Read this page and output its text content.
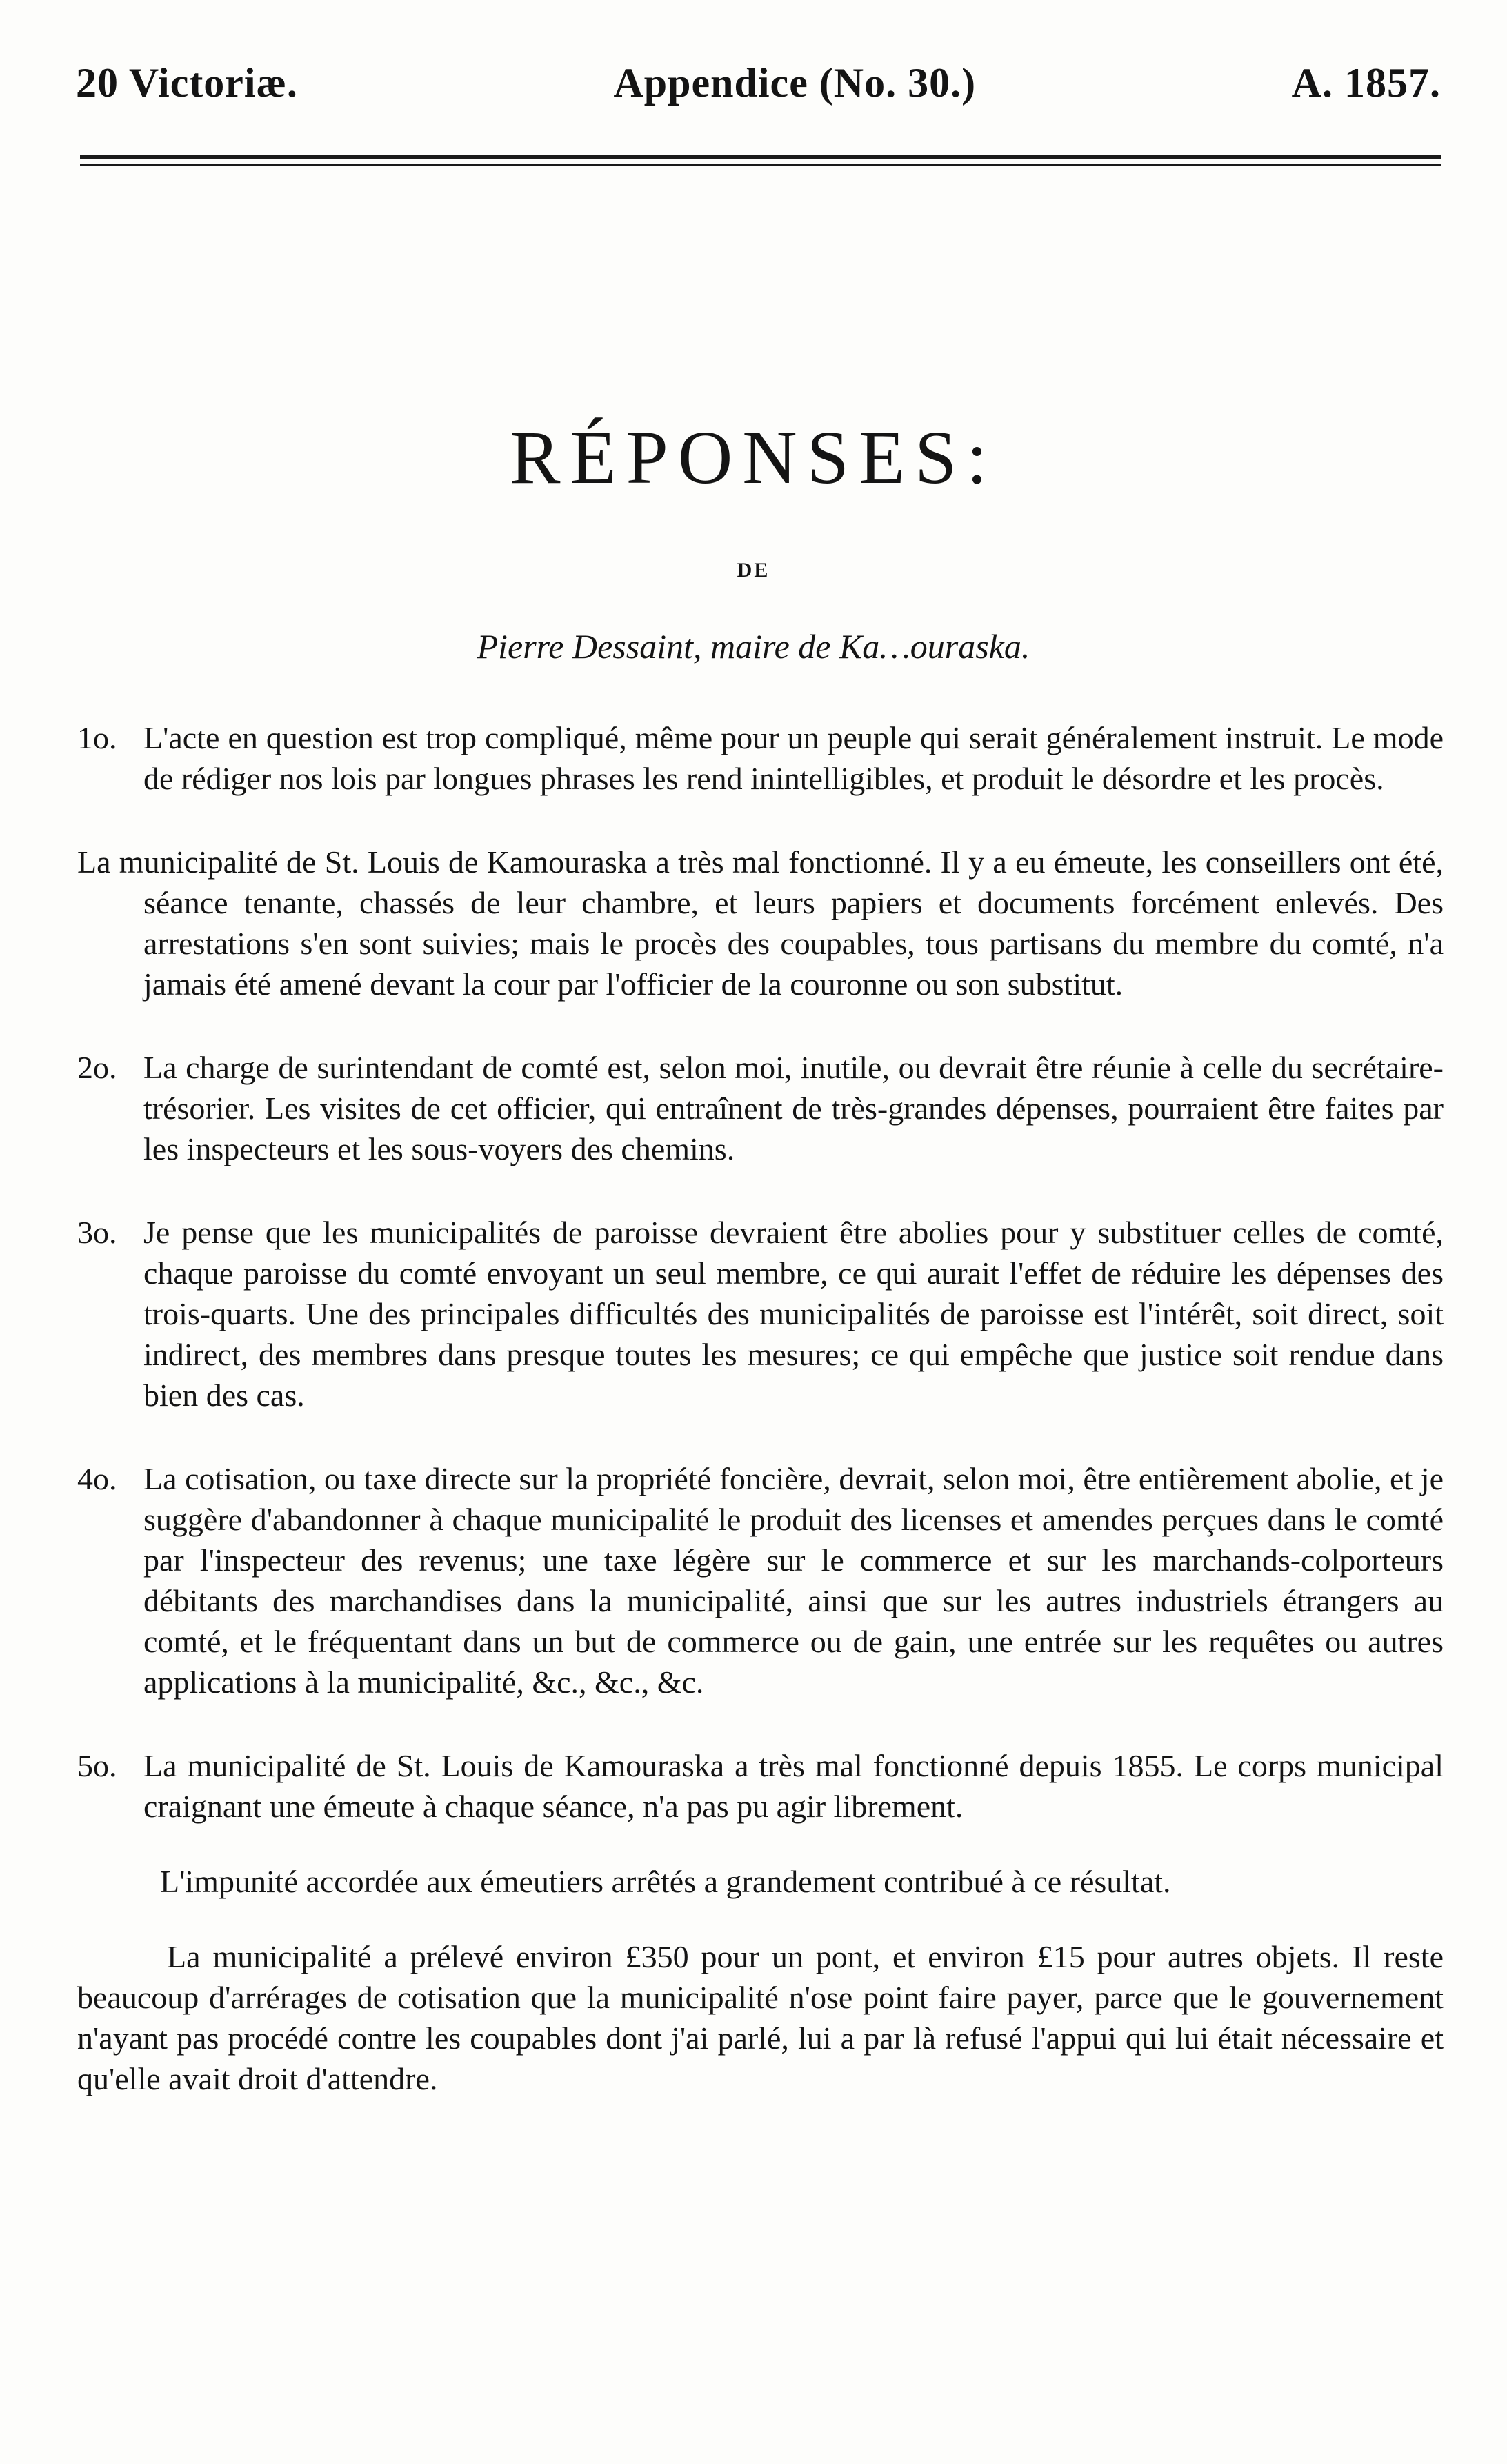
20 Victoriæ.	Appendice (No. 30.)	A. 1857.
RÉPONSES:
DE
Pierre Dessaint, maire de Ka…ouraska.
1o. L'acte en question est trop compliqué, même pour un peuple qui serait généralement instruit. Le mode de rédiger nos lois par longues phrases les rend inintelligibles, et produit le désordre et les procès.
La municipalité de St. Louis de Kamouraska a très mal fonctionné. Il y a eu émeute, les conseillers ont été, séance tenante, chassés de leur chambre, et leurs papiers et documents forcément enlevés. Des arrestations s'en sont suivies; mais le procès des coupables, tous partisans du membre du comté, n'a jamais été amené devant la cour par l'officier de la couronne ou son substitut.
2o. La charge de surintendant de comté est, selon moi, inutile, ou devrait être réunie à celle du secrétaire-trésorier. Les visites de cet officier, qui entraînent de très-grandes dépenses, pourraient être faites par les inspecteurs et les sous-voyers des chemins.
3o. Je pense que les municipalités de paroisse devraient être abolies pour y substituer celles de comté, chaque paroisse du comté envoyant un seul membre, ce qui aurait l'effet de réduire les dépenses des trois-quarts. Une des principales difficultés des municipalités de paroisse est l'intérêt, soit direct, soit indirect, des membres dans presque toutes les mesures; ce qui empêche que justice soit rendue dans bien des cas.
4o. La cotisation, ou taxe directe sur la propriété foncière, devrait, selon moi, être entièrement abolie, et je suggère d'abandonner à chaque municipalité le produit des licenses et amendes perçues dans le comté par l'inspecteur des revenus; une taxe légère sur le commerce et sur les marchands-colporteurs débitants des marchandises dans la municipalité, ainsi que sur les autres industriels étrangers au comté, et le fréquentant dans un but de commerce ou de gain, une entrée sur les requêtes ou autres applications à la municipalité, &c., &c., &c.
5o. La municipalité de St. Louis de Kamouraska a très mal fonctionné depuis 1855. Le corps municipal craignant une émeute à chaque séance, n'a pas pu agir librement.
L'impunité accordée aux émeutiers arrêtés a grandement contribué à ce résultat.
La municipalité a prélevé environ £350 pour un pont, et environ £15 pour autres objets. Il reste beaucoup d'arrérages de cotisation que la municipalité n'ose point faire payer, parce que le gouvernement n'ayant pas procédé contre les coupables dont j'ai parlé, lui a par là refusé l'appui qui lui était nécessaire et qu'elle avait droit d'attendre.
